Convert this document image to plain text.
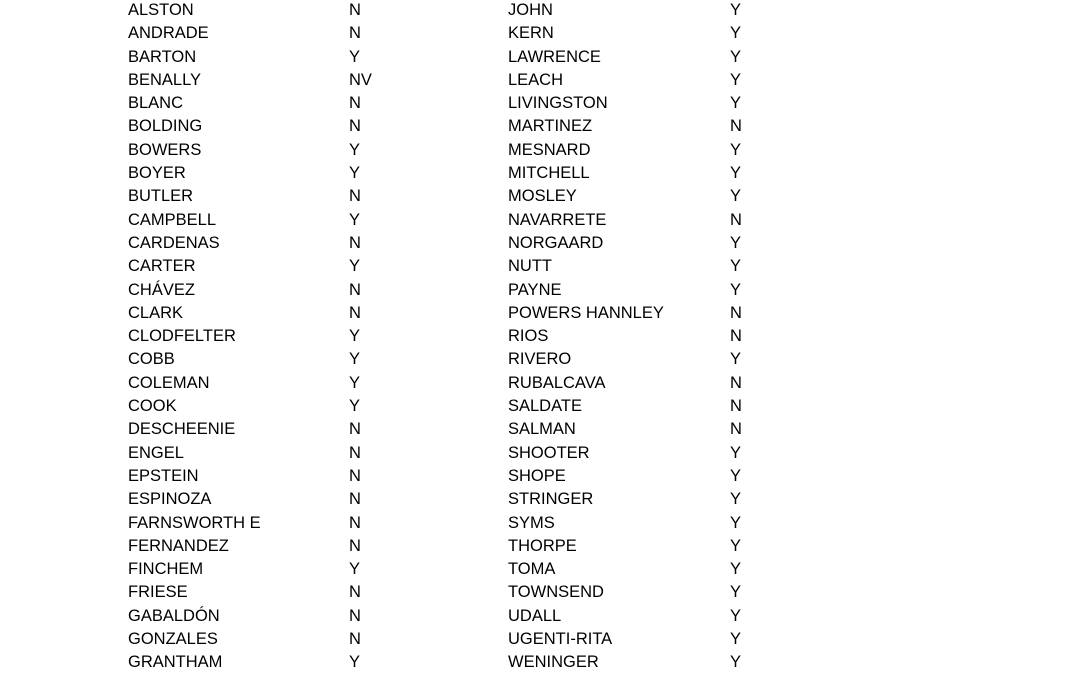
ALSTON	N	JOHN	Y
ANDRADE	N	KERN	Y
BARTON	Y	LAWRENCE	Y
BENALLY	NV	LEACH	Y
BLANC	N	LIVINGSTON	Y
BOLDING	N	MARTINEZ	N
BOWERS	Y	MESNARD	Y
BOYER	Y	MITCHELL	Y
BUTLER	N	MOSLEY	Y
CAMPBELL	Y	NAVARRETE	N
CARDENAS	N	NORGAARD	Y
CARTER	Y	NUTT	Y
CHÁVEZ	N	PAYNE	Y
CLARK	N	POWERS HANNLEY	N
CLODFELTER	Y	RIOS	N
COBB	Y	RIVERO	Y
COLEMAN	Y	RUBALCAVA	N
COOK	Y	SALDATE	N
DESCHEENIE	N	SALMAN	N
ENGEL	N	SHOOTER	Y
EPSTEIN	N	SHOPE	Y
ESPINOZA	N	STRINGER	Y
FARNSWORTH E	N	SYMS	Y
FERNANDEZ	N	THORPE	Y
FINCHEM	Y	TOMA	Y
FRIESE	N	TOWNSEND	Y
GABALDÓN	N	UDALL	Y
GONZALES	N	UGENTI-RITA	Y
GRANTHAM	Y	WENINGER	Y
